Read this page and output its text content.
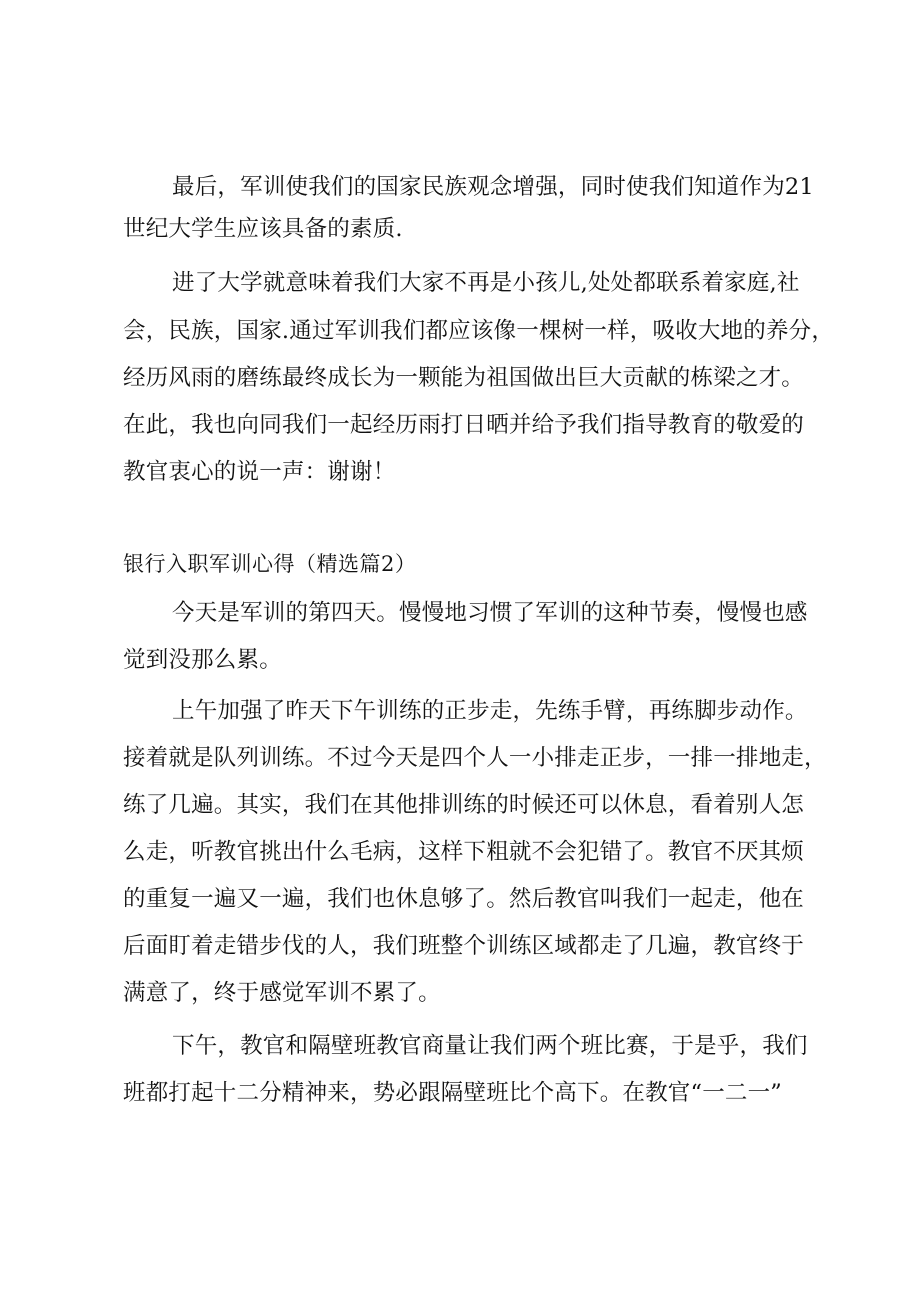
最后，军训使我们的国家民族观念增强，同时使我们知道作为21
世纪大学生应该具备的素质.
进了大学就意味着我们大家不再是小孩儿,处处都联系着家庭,社
会，民族，国家.通过军训我们都应该像一棵树一样，吸收大地的养分，
经历风雨的磨练最终成长为一颗能为祖国做出巨大贡献的栋梁之才。
在此，我也向同我们一起经历雨打日晒并给予我们指导教育的敬爱的
教官衷心的说一声：谢谢！
银行入职军训心得（精选篇2）
今天是军训的第四天。慢慢地习惯了军训的这种节奏，慢慢也感
觉到没那么累。
上午加强了昨天下午训练的正步走，先练手臂，再练脚步动作。
接着就是队列训练。不过今天是四个人一小排走正步，一排一排地走，
练了几遍。其实，我们在其他排训练的时候还可以休息，看着别人怎
么走，听教官挑出什么毛病，这样下粗就不会犯错了。教官不厌其烦
的重复一遍又一遍，我们也休息够了。然后教官叫我们一起走，他在
后面盯着走错步伐的人，我们班整个训练区域都走了几遍，教官终于
满意了，终于感觉军训不累了。
下午，教官和隔壁班教官商量让我们两个班比赛，于是乎，我们
班都打起十二分精神来，势必跟隔壁班比个高下。在教官“一二一”
